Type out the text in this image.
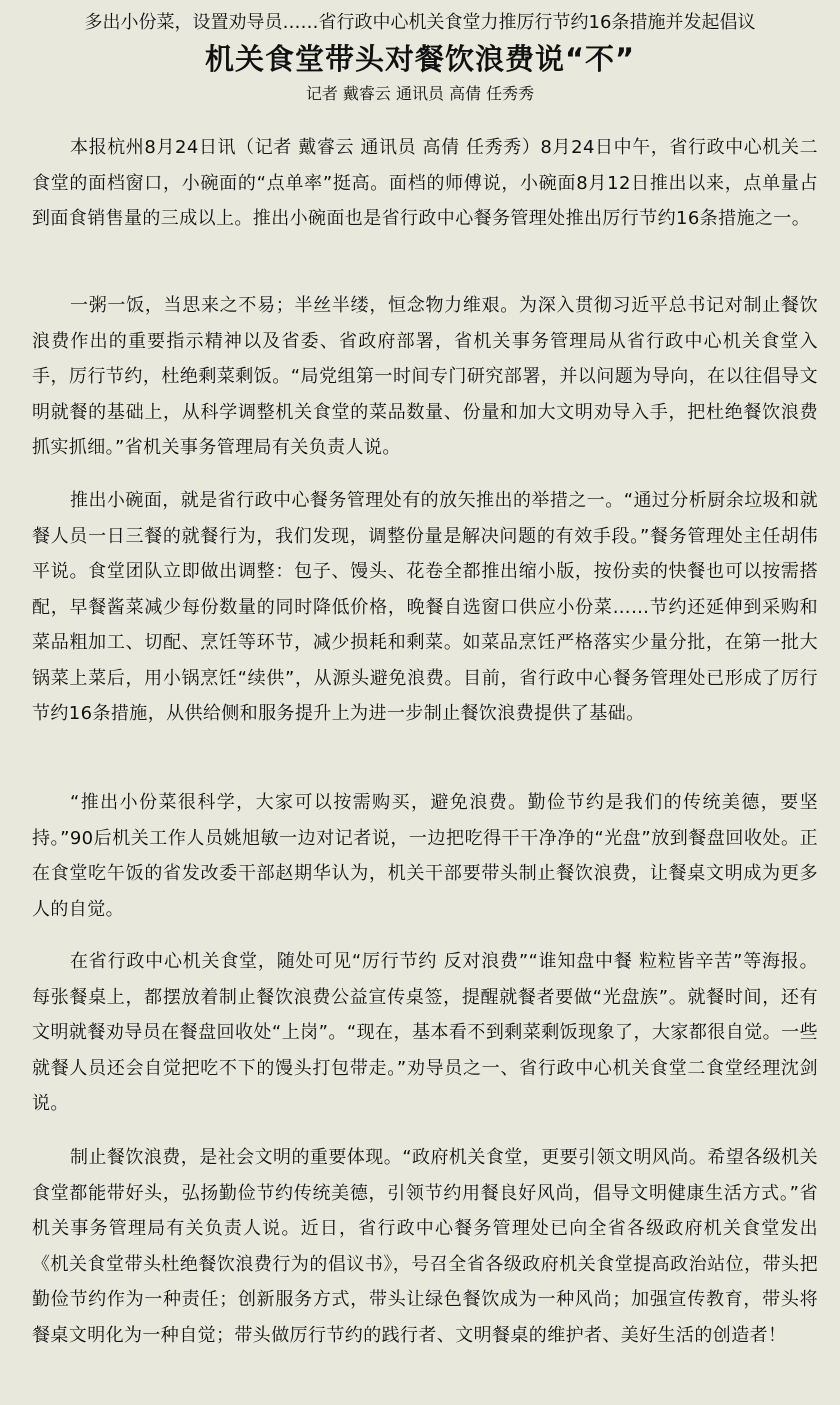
多出小份菜，设置劝导员……省行政中心机关食堂力推厉行节约16条措施并发起倡议
机关食堂带头对餐饮浪费说“不”
记者 戴睿云 通讯员 高倩 任秀秀

本报杭州8月24日讯（记者 戴睿云 通讯员 高倩 任秀秀）8月24日中午，省行政中心机关二食堂的面档窗口，小碗面的“点单率”挺高。面档的师傅说，小碗面8月12日推出以来，点单量占到面食销售量的三成以上。推出小碗面也是省行政中心餐务管理处推出厉行节约16条措施之一。

一粥一饭，当思来之不易；半丝半缕，恒念物力维艰。为深入贯彻习近平总书记对制止餐饮浪费作出的重要指示精神以及省委、省政府部署，省机关事务管理局从省行政中心机关食堂入手，厉行节约，杜绝剩菜剩饭。“局党组第一时间专门研究部署，并以问题为导向，在以往倡导文明就餐的基础上，从科学调整机关食堂的菜品数量、份量和加大文明劝导入手，把杜绝餐饮浪费抓实抓细。”省机关事务管理局有关负责人说。

推出小碗面，就是省行政中心餐务管理处有的放矢推出的举措之一。“通过分析厨余垃圾和就餐人员一日三餐的就餐行为，我们发现，调整份量是解决问题的有效手段。”餐务管理处主任胡伟平说。食堂团队立即做出调整：包子、馒头、花卷全都推出缩小版，按份卖的快餐也可以按需搭配，早餐酱菜减少每份数量的同时降低价格，晚餐自选窗口供应小份菜……节约还延伸到采购和菜品粗加工、切配、烹饪等环节，减少损耗和剩菜。如菜品烹饪严格落实少量分批，在第一批大锅菜上菜后，用小锅烹饪“续供”，从源头避免浪费。目前，省行政中心餐务管理处已形成了厉行节约16条措施，从供给侧和服务提升上为进一步制止餐饮浪费提供了基础。

“推出小份菜很科学，大家可以按需购买，避免浪费。勤俭节约是我们的传统美德，要坚持。”90后机关工作人员姚旭敏一边对记者说，一边把吃得干干净净的“光盘”放到餐盘回收处。正在食堂吃午饭的省发改委干部赵期华认为，机关干部要带头制止餐饮浪费，让餐桌文明成为更多人的自觉。

在省行政中心机关食堂，随处可见“厉行节约 反对浪费”“谁知盘中餐 粒粒皆辛苦”等海报。每张餐桌上，都摆放着制止餐饮浪费公益宣传桌签，提醒就餐者要做“光盘族”。就餐时间，还有文明就餐劝导员在餐盘回收处“上岗”。“现在，基本看不到剩菜剩饭现象了，大家都很自觉。一些就餐人员还会自觉把吃不下的馒头打包带走。”劝导员之一、省行政中心机关食堂二食堂经理沈剑说。

制止餐饮浪费，是社会文明的重要体现。“政府机关食堂，更要引领文明风尚。希望各级机关食堂都能带好头，弘扬勤俭节约传统美德，引领节约用餐良好风尚，倡导文明健康生活方式。”省机关事务管理局有关负责人说。近日，省行政中心餐务管理处已向全省各级政府机关食堂发出《机关食堂带头杜绝餐饮浪费行为的倡议书》，号召全省各级政府机关食堂提高政治站位，带头把勤俭节约作为一种责任；创新服务方式，带头让绿色餐饮成为一种风尚；加强宣传教育，带头将餐桌文明化为一种自觉；带头做厉行节约的践行者、文明餐桌的维护者、美好生活的创造者！
